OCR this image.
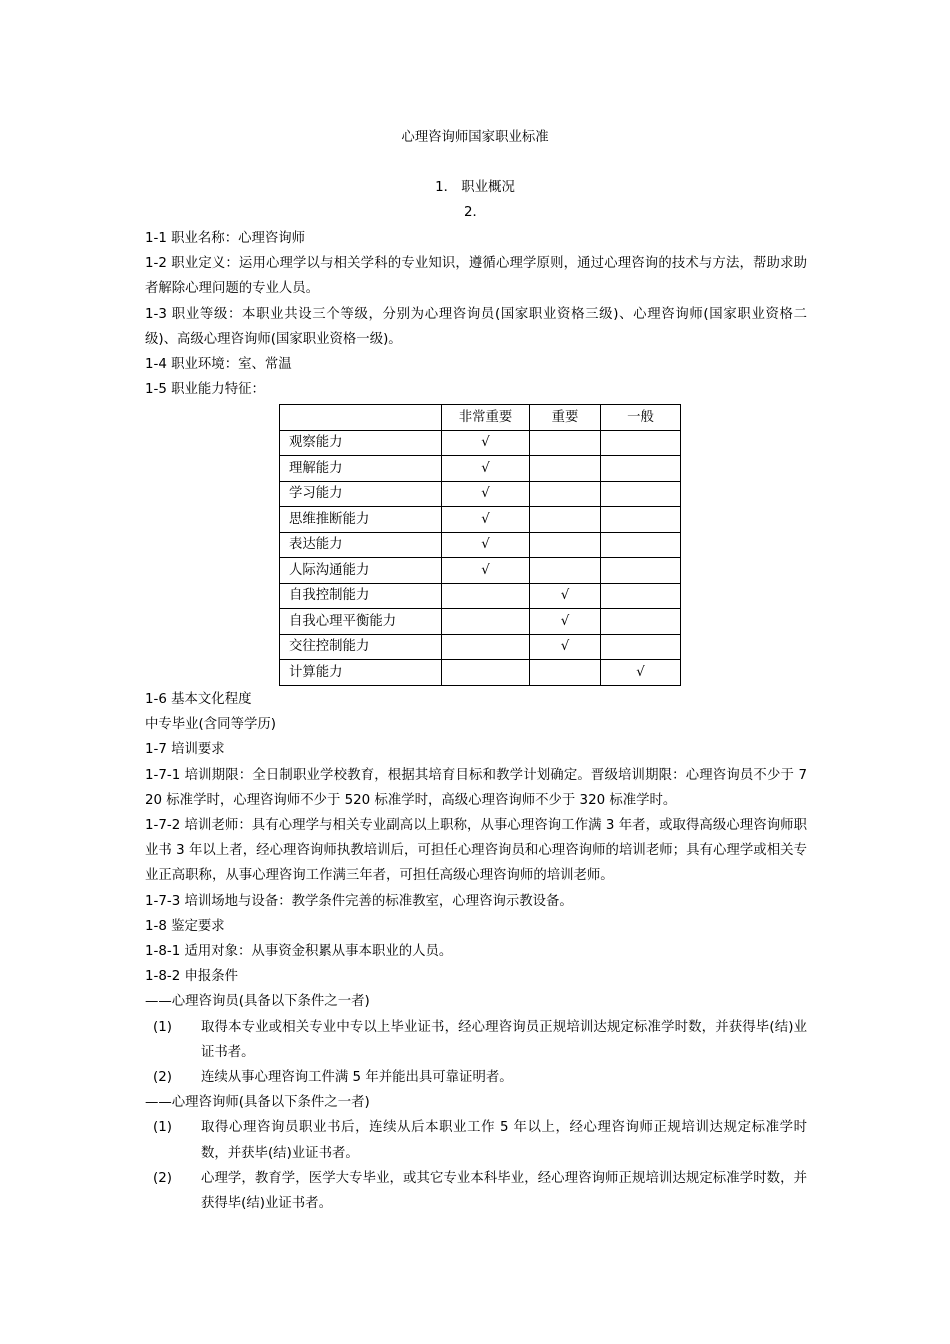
心理咨询师国家职业标准
1． 职业概况
2．

1-1 职业名称：心理咨询师

1-2 职业定义：运用心理学以与相关学科的专业知识，遵循心理学原则，通过心理咨询的技术与方法，帮助求助者解除心理问题的专业人员。

1-3 职业等级：本职业共设三个等级，分别为心理咨询员(国家职业资格三级)、心理咨询师(国家职业资格二级)、高级心理咨询师(国家职业资格一级)。

1-4 职业环境：室、常温

1-5 职业能力特征：

	非常重要	重要	一般
观察能力	√		
理解能力	√		
学习能力	√		
思维推断能力	√		
表达能力	√		
人际沟通能力	√		
自我控制能力		√	
自我心理平衡能力		√	
交往控制能力		√	
计算能力			√

1-6 基本文化程度

中专毕业(含同等学历)

1-7 培训要求

1-7-1 培训期限：全日制职业学校教育，根据其培育目标和教学计划确定。晋级培训期限：心理咨询员不少于 720 标准学时，心理咨询师不少于 520 标准学时，高级心理咨询师不少于 320 标准学时。

1-7-2 培训老师：具有心理学与相关专业副高以上职称，从事心理咨询工作满 3 年者，或取得高级心理咨询师职业书 3 年以上者，经心理咨询师执教培训后，可担任心理咨询员和心理咨询师的培训老师；具有心理学或相关专业正高职称，从事心理咨询工作满三年者，可担任高级心理咨询师的培训老师。

1-7-3 培训场地与设备：教学条件完善的标准教室，心理咨询示教设备。

1-8 鉴定要求

1-8-1 适用对象：从事资金积累从事本职业的人员。

1-8-2 申报条件

——心理咨询员(具备以下条件之一者)

(1) 取得本专业或相关专业中专以上毕业证书，经心理咨询员正规培训达规定标准学时数，并获得毕(结)业证书者。
(2) 连续从事心理咨询工件满 5 年并能出具可靠证明者。

——心理咨询师(具备以下条件之一者)

(1) 取得心理咨询员职业书后，连续从后本职业工作 5 年以上，经心理咨询师正规培训达规定标准学时数，并获毕(结)业证书者。
(2) 心理学，教育学，医学大专毕业，或其它专业本科毕业，经心理咨询师正规培训达规定标准学时数，并获得毕(结)业证书者。
